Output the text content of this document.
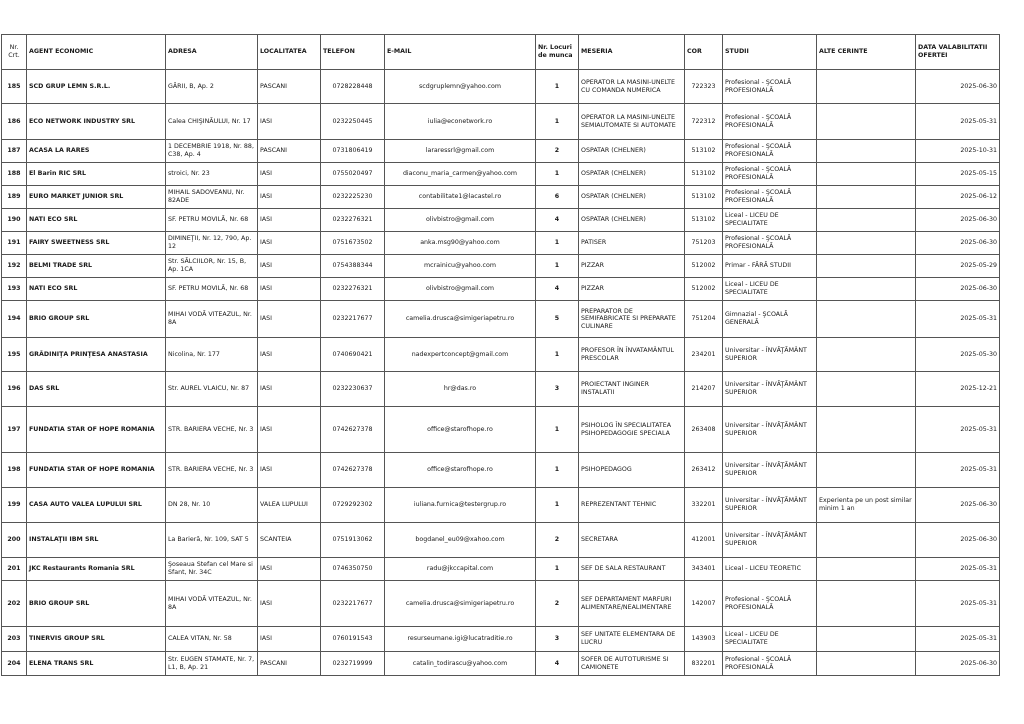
Nr. Crt.	AGENT ECONOMIC	ADRESA	LOCALITATEA	TELEFON	E-MAIL	Nr. Locuri de munca	MESERIA	COR	STUDII	ALTE CERINTE	DATA VALABILITATII OFERTEI
185	SCD GRUP LEMN S.R.L.	GĂRII, B, Ap. 2	PASCANI	0728228448	scdgruplemn@yahoo.com	1	OPERATOR LA MASINI-UNELTE CU COMANDA NUMERICA	722323	Profesional - ŞCOALĂ PROFESIONALĂ		2025-06-30
186	ECO NETWORK INDUSTRY SRL	Calea CHIŞINĂULUI, Nr. 17	IASI	0232250445	iulia@econetwork.ro	1	OPERATOR LA MASINI-UNELTE SEMIAUTOMATE SI AUTOMATE	722312	Profesional - ŞCOALĂ PROFESIONALĂ		2025-05-31
187	ACASA LA RARES	1 DECEMBRIE 1918, Nr. 88, C38, Ap. 4	PASCANI	0731806419	lararessrl@gmail.com	2	OSPATAR (CHELNER)	513102	Profesional - ŞCOALĂ PROFESIONALĂ		2025-10-31
188	El Barin RIC SRL	stroici, Nr. 23	IASI	0755020497	diaconu_maria_carmen@yahoo.com	1	OSPATAR (CHELNER)	513102	Profesional - ŞCOALĂ PROFESIONALĂ		2025-05-15
189	EURO MARKET JUNIOR SRL	MIHAIL SADOVEANU, Nr. 82ADE	IASI	0232225230	contabilitate1@lacastel.ro	6	OSPATAR (CHELNER)	513102	Profesional - ŞCOALĂ PROFESIONALĂ		2025-06-12
190	NATI ECO SRL	SF. PETRU MOVILĂ, Nr. 68	IASI	0232276321	olivbistro@gmail.com	4	OSPATAR (CHELNER)	513102	Liceal - LICEU DE SPECIALITATE		2025-06-30
191	FAIRY SWEETNESS SRL	DIMINEŢII, Nr. 12, 790, Ap. 12	IASI	0751673502	anka.msg90@yahoo.com	1	PATISER	751203	Profesional - ŞCOALĂ PROFESIONALĂ		2025-06-30
192	BELMI TRADE SRL	Str. SĂLCIILOR, Nr. 15, B, Ap. 1CA	IASI	0754388344	mcrainicu@yahoo.com	1	PIZZAR	512002	Primar - FĂRĂ STUDII		2025-05-29
193	NATI ECO SRL	SF. PETRU MOVILĂ, Nr. 68	IASI	0232276321	olivbistro@gmail.com	4	PIZZAR	512002	Liceal - LICEU DE SPECIALITATE		2025-06-30
194	BRIO GROUP SRL	MIHAI VODĂ VITEAZUL, Nr. 8A	IASI	0232217677	camelia.drusca@simigeriapetru.ro	5	PREPARATOR DE SEMIFABRICATE SI PREPARATE CULINARE	751204	Gimnazial - ŞCOALĂ GENERALĂ		2025-05-31
195	GRĂDINIŢA PRINŢESA ANASTASIA	Nicolina, Nr. 177	IASI	0740690421	nadexpertconcept@gmail.com	1	PROFESOR ÎN ÎNVATAMÂNTUL PRESCOLAR	234201	Universitar - ÎNVĂŢĂMÂNT SUPERIOR		2025-05-30
196	DAS SRL	Str. AUREL VLAICU, Nr. 87	IASI	0232230637	hr@das.ro	3	PROIECTANT INGINER INSTALATII	214207	Universitar - ÎNVĂŢĂMÂNT SUPERIOR		2025-12-21
197	FUNDATIA STAR OF HOPE ROMANIA	STR. BARIERA VECHE, Nr. 3	IASI	0742627378	office@starofhope.ro	1	PSIHOLOG ÎN SPECIALITATEA PSIHOPEDAGOGIE SPECIALA	263408	Universitar - ÎNVĂŢĂMÂNT SUPERIOR		2025-05-31
198	FUNDATIA STAR OF HOPE ROMANIA	STR. BARIERA VECHE, Nr. 3	IASI	0742627378	office@starofhope.ro	1	PSIHOPEDAGOG	263412	Universitar - ÎNVĂŢĂMÂNT SUPERIOR		2025-05-31
199	CASA AUTO VALEA LUPULUI SRL	DN 28, Nr. 10	VALEA LUPULUI	0729292302	iuliana.furnica@testergrup.ro	1	REPREZENTANT TEHNIC	332201	Universitar - ÎNVĂŢĂMÂNT SUPERIOR	Experienta pe un post similar minim 1 an	2025-06-30
200	INSTALAŢII IBM SRL	La Barieră, Nr. 109, SAT 5	SCANTEIA	0751913062	bogdanel_eu09@xahoo.com	2	SECRETARA	412001	Universitar - ÎNVĂŢĂMÂNT SUPERIOR		2025-06-30
201	JKC Restaurants Romania SRL	Şoseaua Stefan cel Mare si Sfant, Nr. 34C	IASI	0746350750	radu@jkccapital.com	1	SEF DE SALA RESTAURANT	343401	Liceal - LICEU TEORETIC		2025-05-31
202	BRIO GROUP SRL	MIHAI VODĂ VITEAZUL, Nr. 8A	IASI	0232217677	camelia.drusca@simigeriapetru.ro	2	SEF DEPARTAMENT MARFURI ALIMENTARE/NEALIMENTARE	142007	Profesional - ŞCOALĂ PROFESIONALĂ		2025-05-31
203	TINERVIS GROUP SRL	CALEA VITAN, Nr. 58	IASI	0760191543	resurseumane.igi@lucatraditie.ro	3	SEF UNITATE ELEMENTARA DE LUCRU	143903	Liceal - LICEU DE SPECIALITATE		2025-05-31
204	ELENA TRANS SRL	Str. EUGEN STAMATE, Nr. 7, L1, B, Ap. 21	PASCANI	0232719999	catalin_todirascu@yahoo.com	4	SOFER DE AUTOTURISME SI CAMIONETE	832201	Profesional - ŞCOALĂ PROFESIONALĂ		2025-06-30
